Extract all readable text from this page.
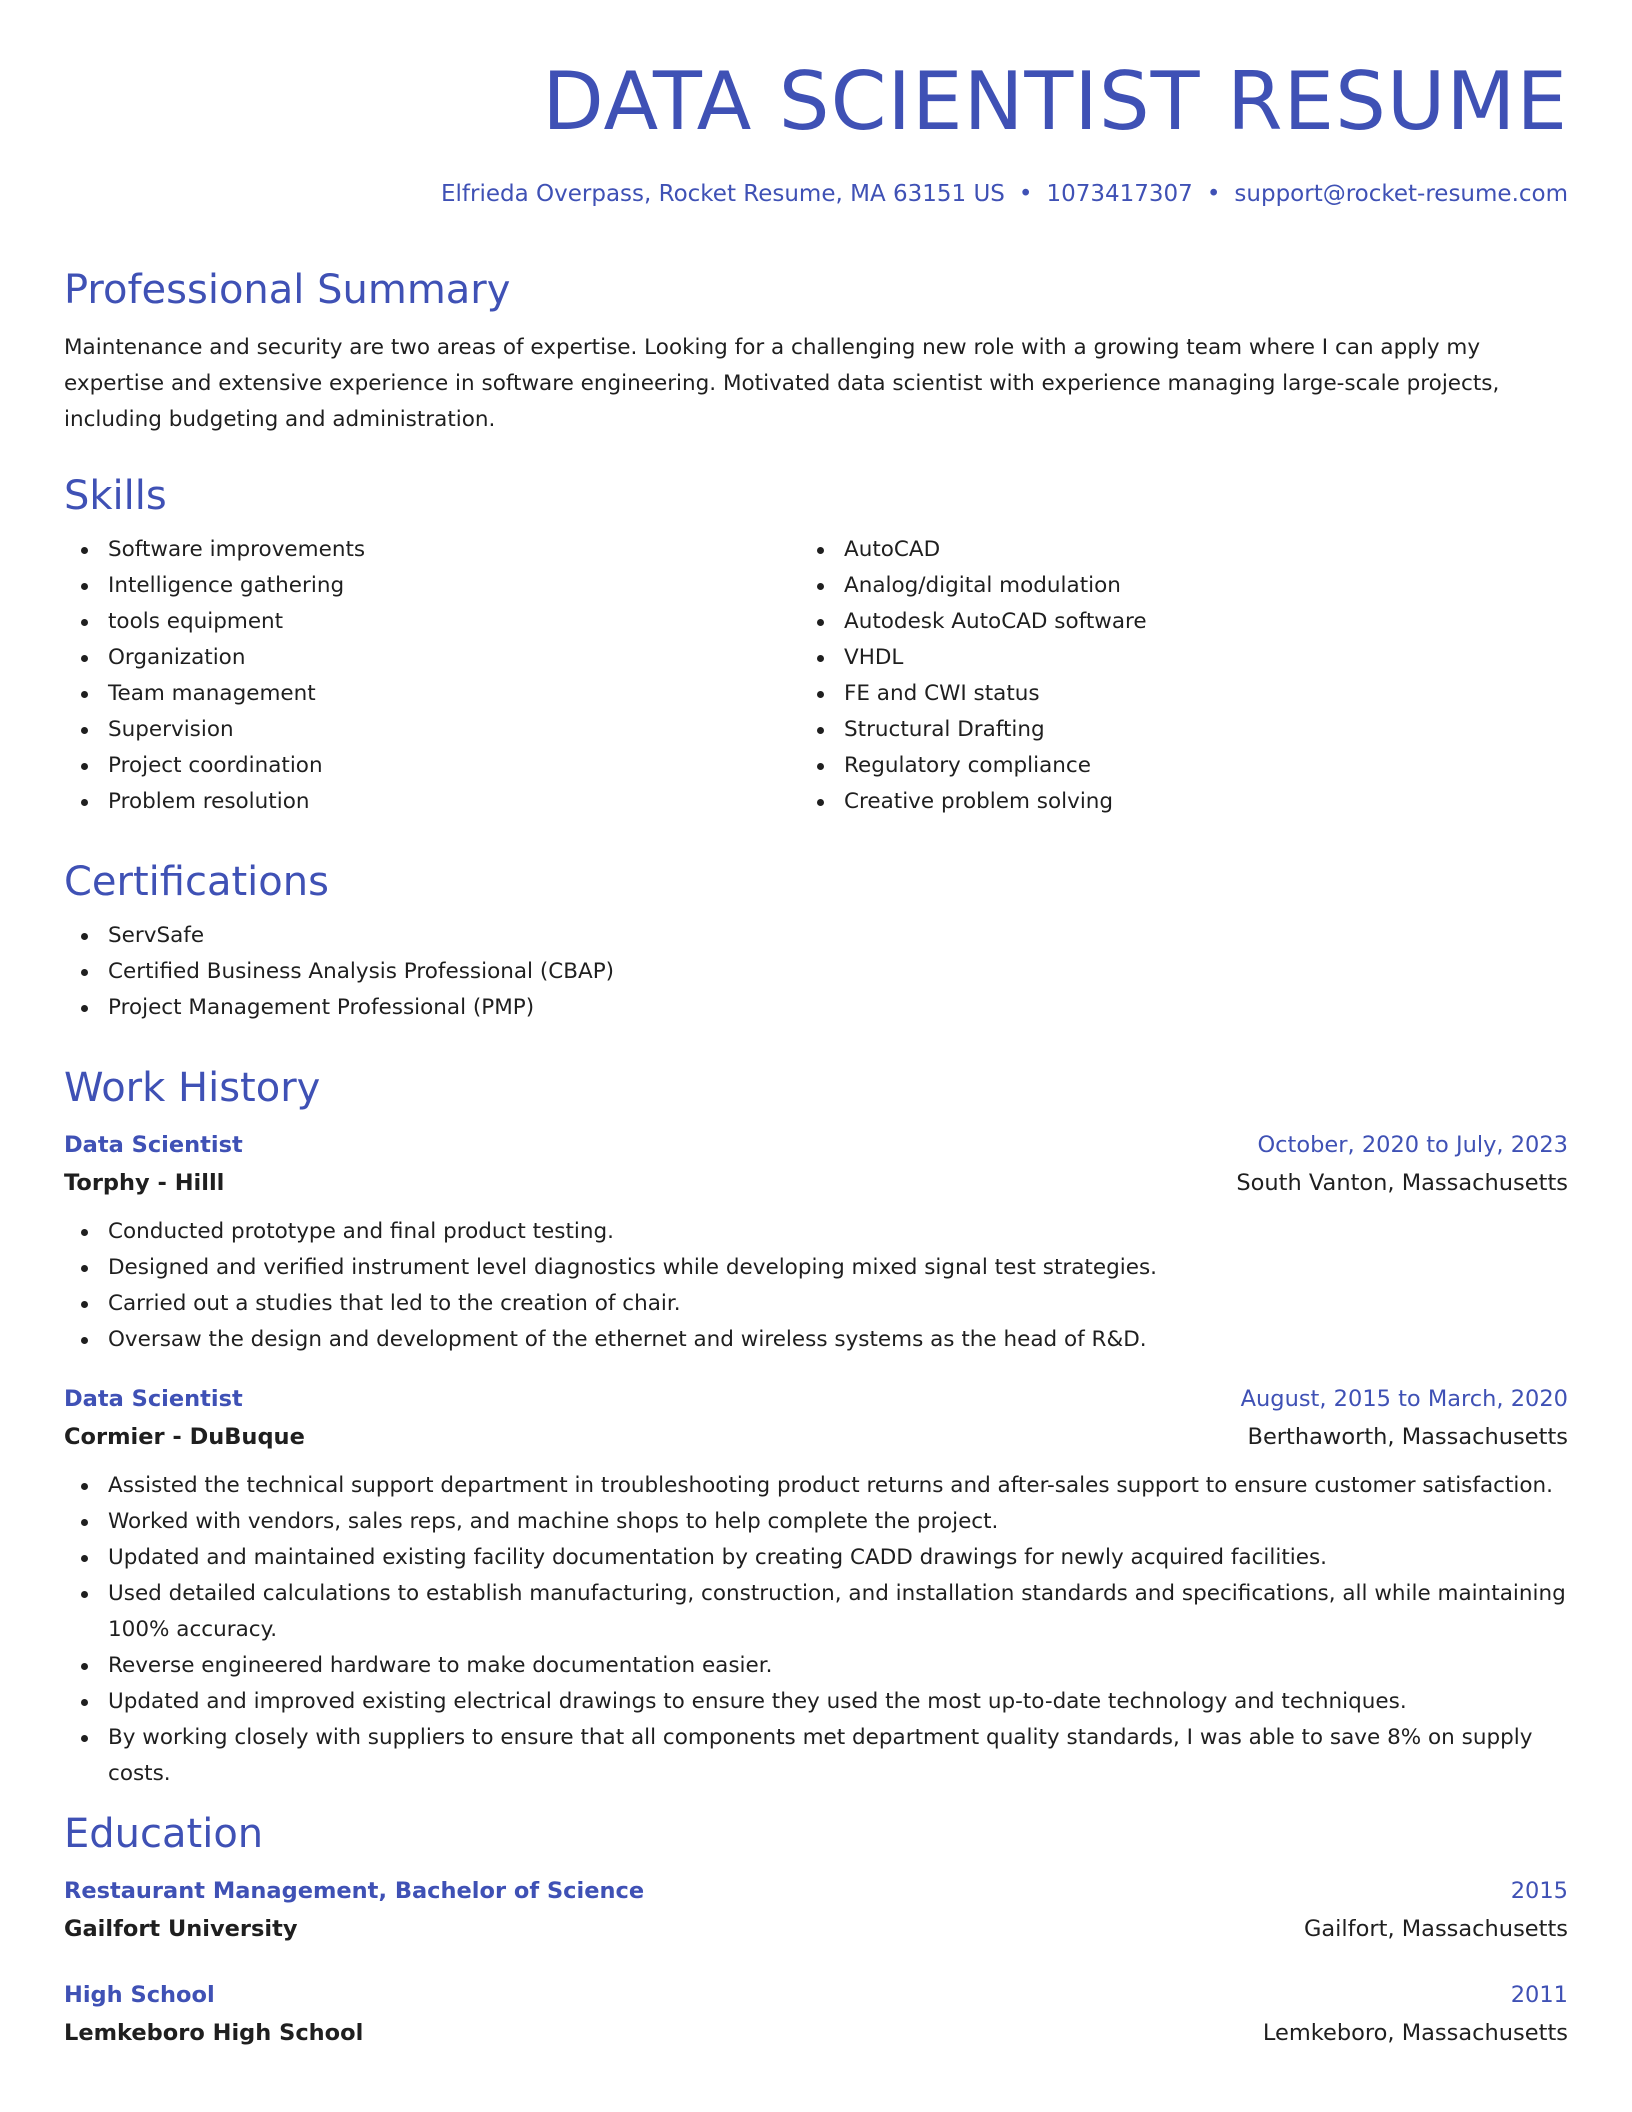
DATA SCIENTIST RESUME
Elfrieda Overpass, Rocket Resume, MA 63151 US • 1073417307 • support@rocket-resume.com
Professional Summary

Maintenance and security are two areas of expertise. Looking for a challenging new role with a growing team where I can apply my expertise and extensive experience in software engineering. Motivated data scientist with experience managing large-scale projects, including budgeting and administration.

Skills
Software improvements
Intelligence gathering
tools equipment
Organization
Team management
Supervision
Project coordination
Problem resolution
AutoCAD
Analog/digital modulation
Autodesk AutoCAD software
VHDL
FE and CWI status
Structural Drafting
Regulatory compliance
Creative problem solving
Certifications
ServSafe
Certified Business Analysis Professional (CBAP)
Project Management Professional (PMP)
Work History
Data Scientist	October, 2020 to July, 2023
Torphy - Hilll	South Vanton, Massachusetts
Conducted prototype and final product testing.
Designed and verified instrument level diagnostics while developing mixed signal test strategies.
Carried out a studies that led to the creation of chair.
Oversaw the design and development of the ethernet and wireless systems as the head of R&D.
Data Scientist	August, 2015 to March, 2020
Cormier - DuBuque	Berthaworth, Massachusetts
Assisted the technical support department in troubleshooting product returns and after-sales support to ensure customer satisfaction.
Worked with vendors, sales reps, and machine shops to help complete the project.
Updated and maintained existing facility documentation by creating CADD drawings for newly acquired facilities.
Used detailed calculations to establish manufacturing, construction, and installation standards and specifications, all while maintaining 100% accuracy.
Reverse engineered hardware to make documentation easier.
Updated and improved existing electrical drawings to ensure they used the most up-to-date technology and techniques.
By working closely with suppliers to ensure that all components met department quality standards, I was able to save 8% on supply costs.
Education
Restaurant Management, Bachelor of Science	2015
Gailfort University	Gailfort, Massachusetts
High School	2011
Lemkeboro High School	Lemkeboro, Massachusetts
